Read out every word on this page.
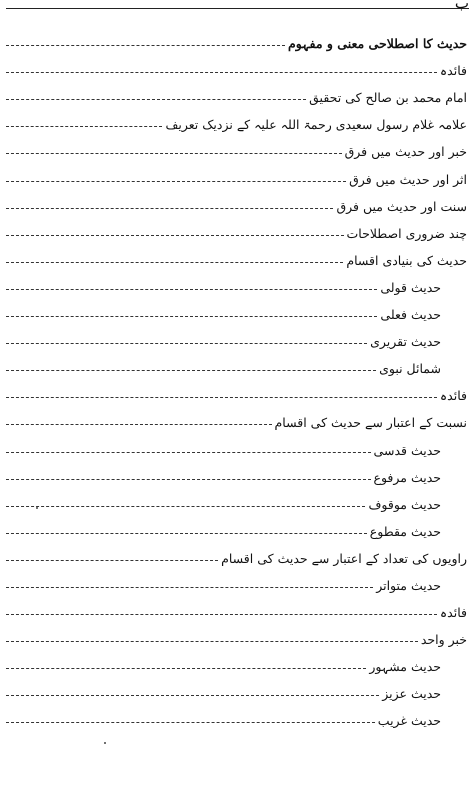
ب
حدیث کا اصطلاحی معنی و مفہوم
فائدہ
امام محمد بن صالح کی تحقیق
علامہ غلام رسول سعیدی رحمۃ اللہ علیہ کے نزدیک تعریف
خبر اور حدیث میں فرق
اثر اور حدیث میں فرق
سنت اور حدیث میں فرق
چند ضروری اصطلاحات
حدیث کی بنیادی اقسام
حدیث قولی
حدیث فعلی
حدیث تقریری
شمائل نبوی
فائدہ
نسبت کے اعتبار سے حدیث کی اقسام
حدیث قدسی
حدیث مرفوع
حدیث موقوف
حدیث مقطوع
راویوں کی تعداد کے اعتبار سے حدیث کی اقسام
حدیث متواتر
فائدہ
خبر واحد
حدیث مشہور
حدیث عزیز
حدیث غریب
